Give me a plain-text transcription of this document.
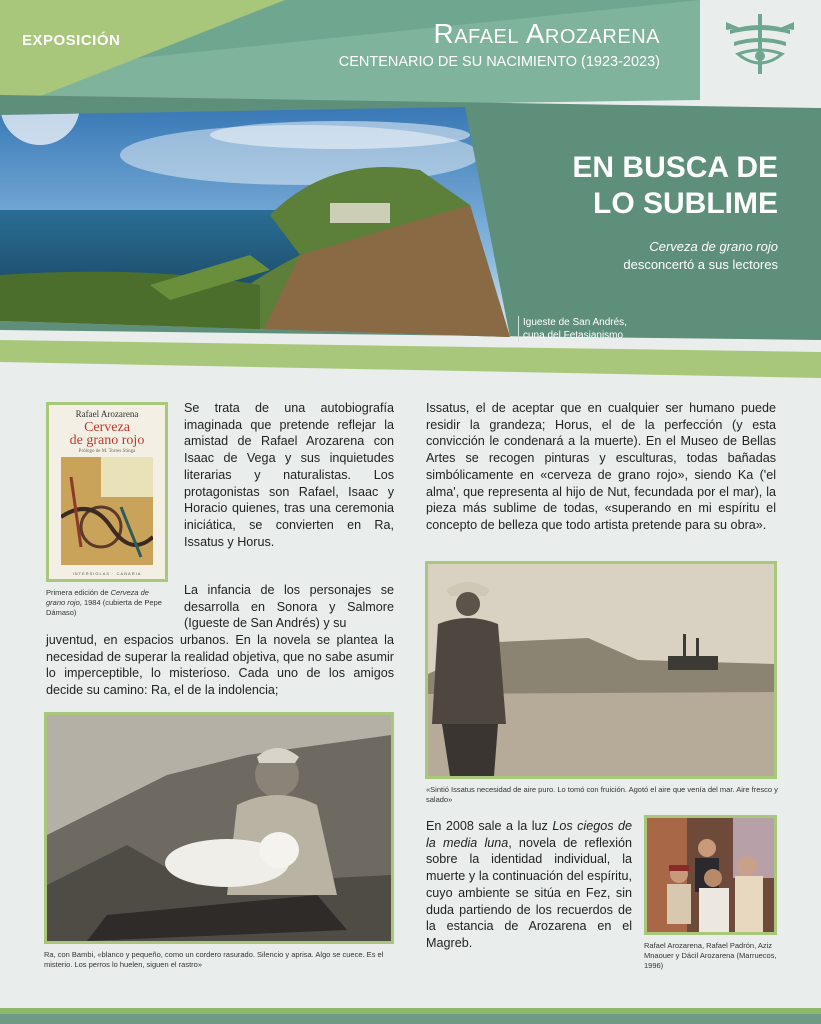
EXPOSICIÓN	Rafael Arozarena
CENTENARIO DE SU NACIMIENTO (1923-2023)
EN BUSCA DE
LO SUBLIME
Cerveza de grano rojo
desconcertó a sus lectores
Igueste de San Andrés,
cuna del Fetasianismo
Rafael Arozarena
Cerveza
de grano rojo
Prólogo de M. Torres Stinga
INTERSIGLAS · CANARIA
Primera edición de Cerveza de grano rojo, 1984 (cubierta de Pepe Dámaso)
Se trata de una autobiografía imaginada que pretende reflejar la amistad de Rafael Arozarena con Isaac de Vega y sus inquietudes literarias y naturalistas. Los protagonistas son Rafael, Isaac y Horacio quienes, tras una ceremonia iniciática, se convierten en Ra, Issatus y Horus.
La infancia de los personajes se desarrolla en Sonora y Salmore (Igueste de San Andrés) y su
juventud, en espacios urbanos. En la novela se plantea la necesidad de superar la realidad objetiva, que no sabe asumir lo imperceptible, lo misterioso. Cada uno de los amigos decide su camino: Ra, el de la indolencia;
Ra, con Bambi, «blanco y pequeño, como un cordero rasurado. Silencio y aprisa. Algo se cuece. Es el misterio. Los perros lo huelen, siguen el rastro»
Issatus, el de aceptar que en cualquier ser humano puede residir la grandeza; Horus, el de la perfección (y esta convicción le condenará a la muerte). En el Museo de Bellas Artes se recogen pinturas y esculturas, todas bañadas simbólicamente en «cerveza de grano rojo», siendo Ka ('el alma', que representa al hijo de Nut, fecundada por el mar), la pieza más sublime de todas, «superando en mi espíritu el concepto de belleza que todo artista pretende para su obra».
«Sintió Issatus necesidad de aire puro. Lo tomó con fruición. Agotó el aire que venía del mar. Aire fresco y salado»
En 2008 sale a la luz Los ciegos de la media luna, novela de reflexión sobre la identidad individual, la muerte y la continuación del espíritu, cuyo ambiente se sitúa en Fez, sin duda partiendo de los recuerdos de la estancia de Arozarena en el Magreb.	Rafael Arozarena, Rafael Padrón, Aziz Mnaouer y Dácil Arozarena (Marruecos, 1996)
